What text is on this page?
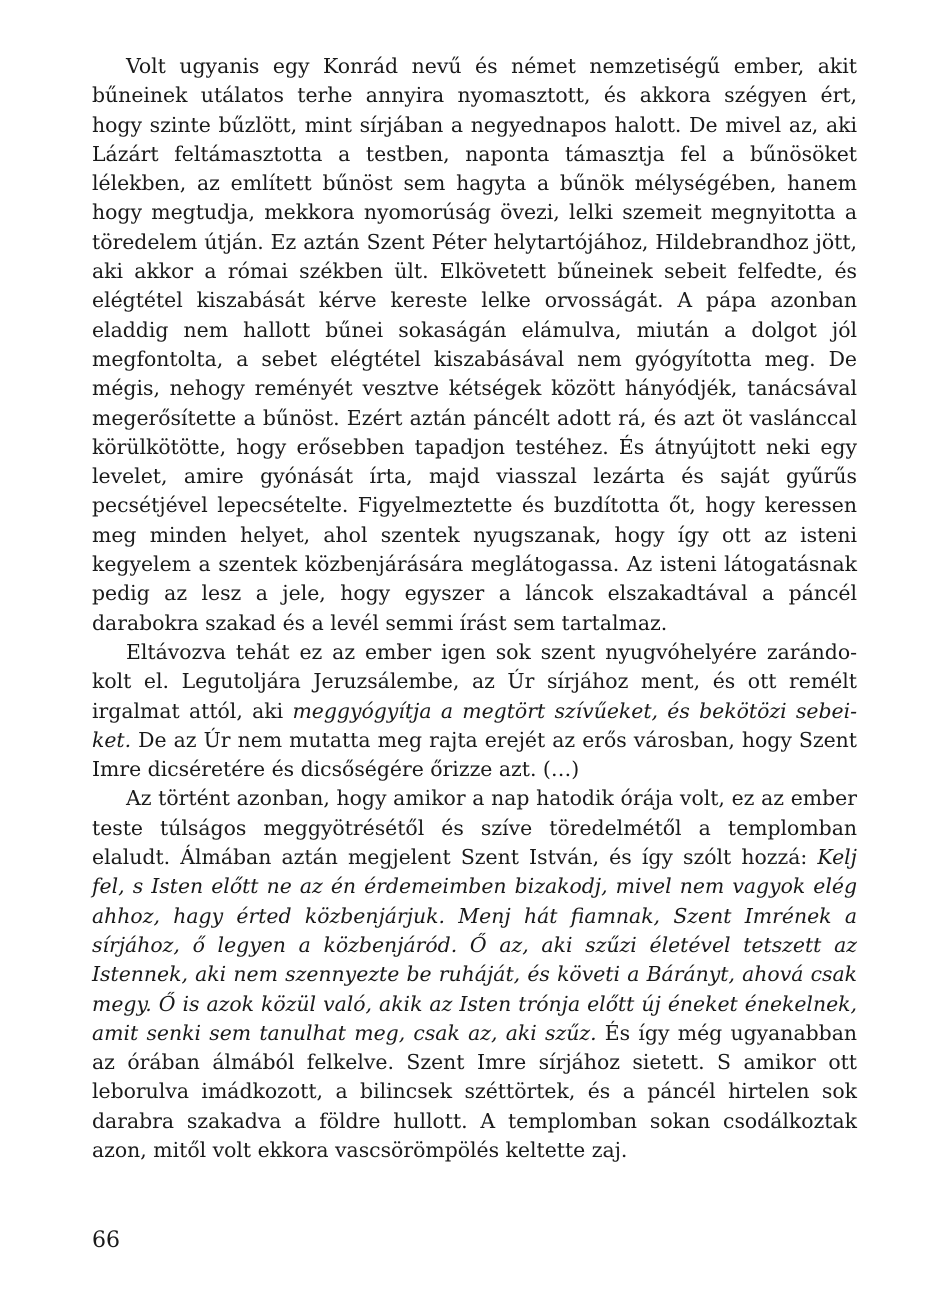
Volt ugyanis egy Konrád nevű és német nemzetiségű ember, akit bűneinek utálatos terhe annyira nyomasztott, és akkora szégyen ért, hogy szinte bűzlött, mint sírjában a negyednapos halott. De mivel az, aki Lázárt feltámasztotta a testben, naponta támasztja fel a bűnösöket lélekben, az említett bűnöst sem hagyta a bűnök mélységében, hanem hogy megtudja, mekkora nyomorúság övezi, lelki szemeit megnyitotta a töredelem útján. Ez aztán Szent Péter helytartójához, Hildebrandhoz jött, aki akkor a római székben ült. Elkövetett bűneinek sebeit felfedte, és elégtétel kiszabását kérve kereste lelke orvosságát. A pápa azonban eladdig nem hallott bűnei sokaságán elámulva, miután a dolgot jól megfontolta, a sebet elégtétel kiszabásával nem gyógyította meg. De mégis, nehogy reményét vesztve kétségek között hányódjék, tanácsával megerősítette a bűnöst. Ezért aztán páncélt adott rá, és azt öt vaslánccal körülkötötte, hogy erősebben tapadjon testéhez. És átnyújtott neki egy levelet, amire gyónását írta, majd viasszal lezárta és saját gyűrűs pecsétjével lepecsételte. Figyelmeztette és buzdította őt, hogy keressen meg minden helyet, ahol szentek nyugszanak, hogy így ott az isteni kegyelem a szentek közbenjárására meglátogassa. Az isteni látogatásnak pedig az lesz a jele, hogy egyszer a láncok elszakadtával a páncél darabokra szakad és a levél semmi írást sem tartalmaz.

Eltávozva tehát ez az ember igen sok szent nyugvóhelyére zarándokolt el. Legutoljára Jeruzsálembe, az Úr sírjához ment, és ott remélt irgalmat attól, aki meggyógyítja a megtört szívűeket, és bekötözi sebeiket. De az Úr nem mutatta meg rajta erejét az erős városban, hogy Szent Imre dicséretére és dicsőségére őrizze azt. (…)

Az történt azonban, hogy amikor a nap hatodik órája volt, ez az ember teste túlságos meggyötrésétől és szíve töredelmétől a templomban elaludt. Álmában aztán megjelent Szent István, és így szólt hozzá: Kelj fel, s Isten előtt ne az én érdemeimben bizakodj, mivel nem vagyok elég ahhoz, hagy érted közbenjárjuk. Menj hát fiamnak, Szent Imrének a sírjához, ő legyen a közbenjáród. Ő az, aki szűzi életével tetszett az Istennek, aki nem szennyezte be ruháját, és követi a Bárányt, ahová csak megy. Ő is azok közül való, akik az Isten trónja előtt új éneket énekelnek, amit senki sem tanulhat meg, csak az, aki szűz. És így még ugyanabban az órában álmából felkelve. Szent Imre sírjához sietett. S amikor ott leborulva imádkozott, a bilincsek széttörtek, és a páncél hirtelen sok darabra szakadva a földre hullott. A templomban sokan csodálkoztak azon, mitől volt ekkora vascsörömpölés keltette zaj.

66
